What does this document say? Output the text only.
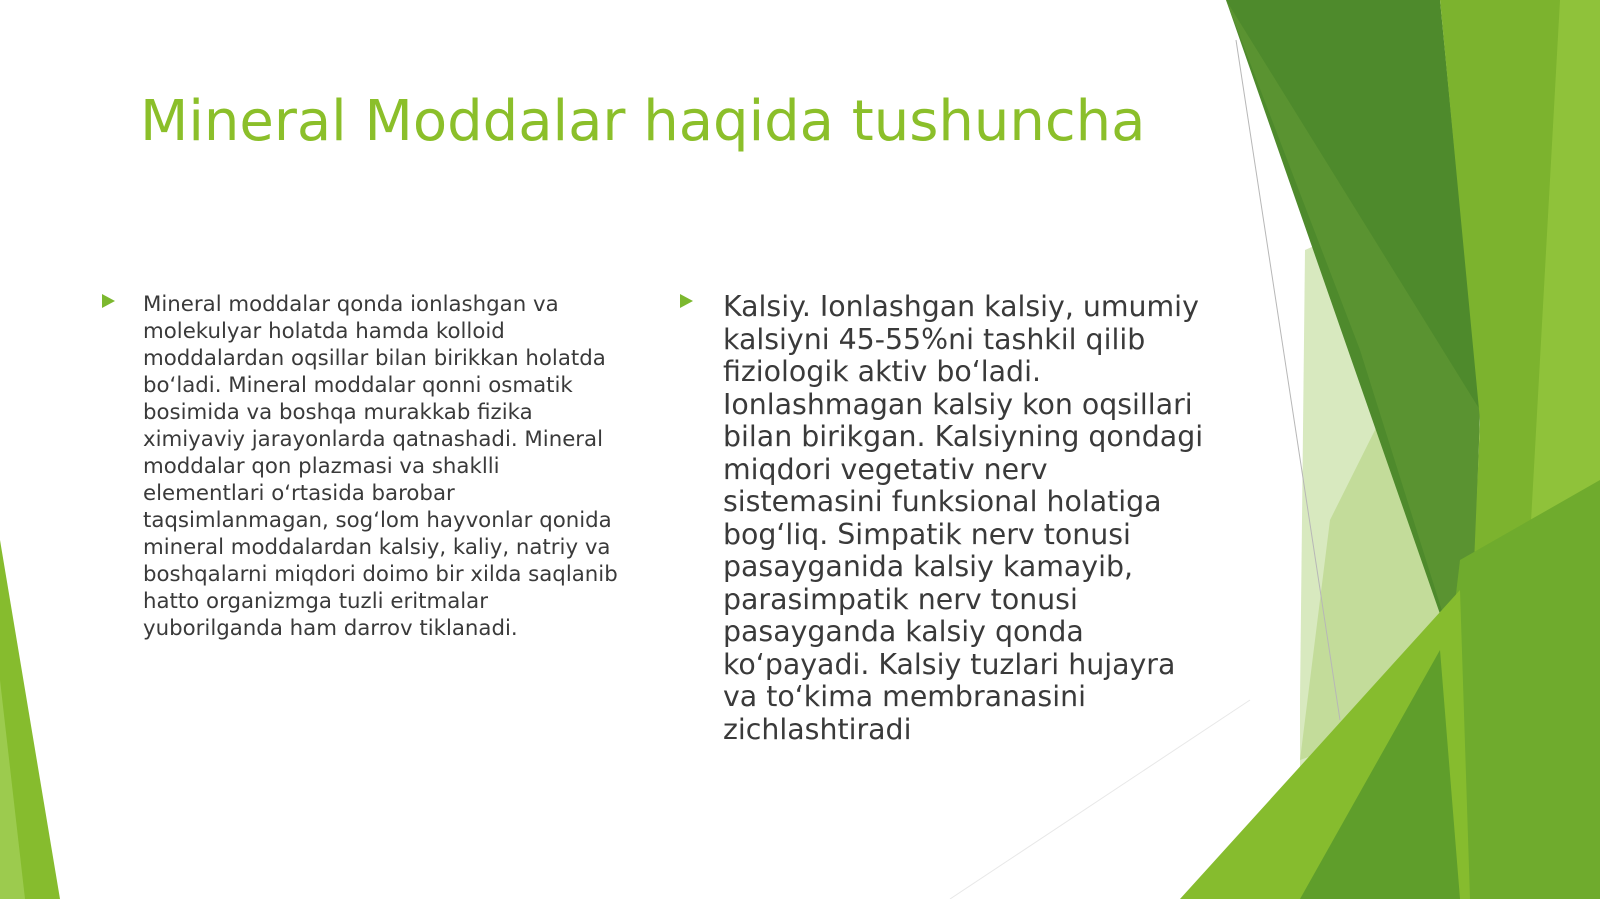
Mineral Moddalar haqida tushuncha

Mineral moddalar qonda ionlashgan va molekulyar holatda hamda kolloid moddalardan oqsillar bilan birikkan holatda bo‘ladi. Mineral moddalar qonni osmatik bosimida va boshqa murakkab fizika ximiyaviy jarayonlarda qatnashadi. Mineral moddalar qon plazmasi va shaklli elementlari o‘rtasida barobar taqsimlanmagan, sog‘lom hayvonlar qonida mineral moddalardan kalsiy, kaliy, natriy va boshqalarni miqdori doimo bir xilda saqlanib hatto organizmga tuzli eritmalar yuborilganda ham darrov tiklanadi.

Kalsiy. Ionlashgan kalsiy, umumiy kalsiyni 45-55%ni tashkil qilib fiziologik aktiv bo‘ladi. Ionlashmagan kalsiy kon oqsillari bilan birikgan. Kalsiyning qondagi miqdori vegetativ nerv sistemasini funksional holatiga bog‘liq. Simpatik nerv tonusi pasayganida kalsiy kamayib, parasimpatik nerv tonusi pasayganda kalsiy qonda ko‘payadi. Kalsiy tuzlari hujayra va to‘kima membranasini zichlashtiradi
